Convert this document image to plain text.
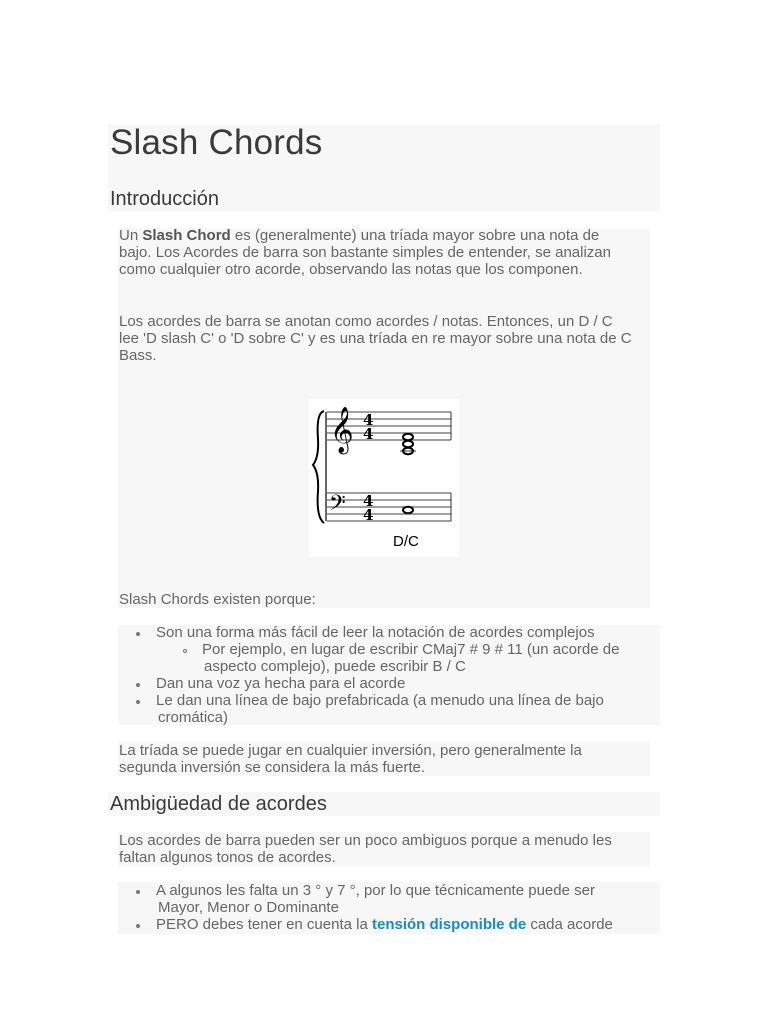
Slash Chords
Introducción
Un Slash Chord es (generalmente) una tríada mayor sobre una nota de
bajo. Los Acordes de barra son bastante simples de entender, se analizan
como cualquier otro acorde, observando las notas que los componen.
Los acordes de barra se anotan como acordes / notas. Entonces, un D / C
lee 'D slash C' o 'D sobre C' y es una tríada en re mayor sobre una nota de C
Bass.
𝄞
𝄢
4
4
4
4
D/C
Slash Chords existen porque:
Son una forma más fácil de leer la notación de acordes complejos
Por ejemplo, en lugar de escribir CMaj7 # 9 # 11 (un acorde de
aspecto complejo), puede escribir B / C
Dan una voz ya hecha para el acorde
Le dan una línea de bajo prefabricada (a menudo una línea de bajo
cromática)
La tríada se puede jugar en cualquier inversión, pero generalmente la
segunda inversión se considera la más fuerte.
Ambigüedad de acordes
Los acordes de barra pueden ser un poco ambiguos porque a menudo les
faltan algunos tonos de acordes.
A algunos les falta un 3 ° y 7 °, por lo que técnicamente puede ser
Mayor, Menor o Dominante
PERO debes tener en cuenta la tensión disponible de cada acorde
